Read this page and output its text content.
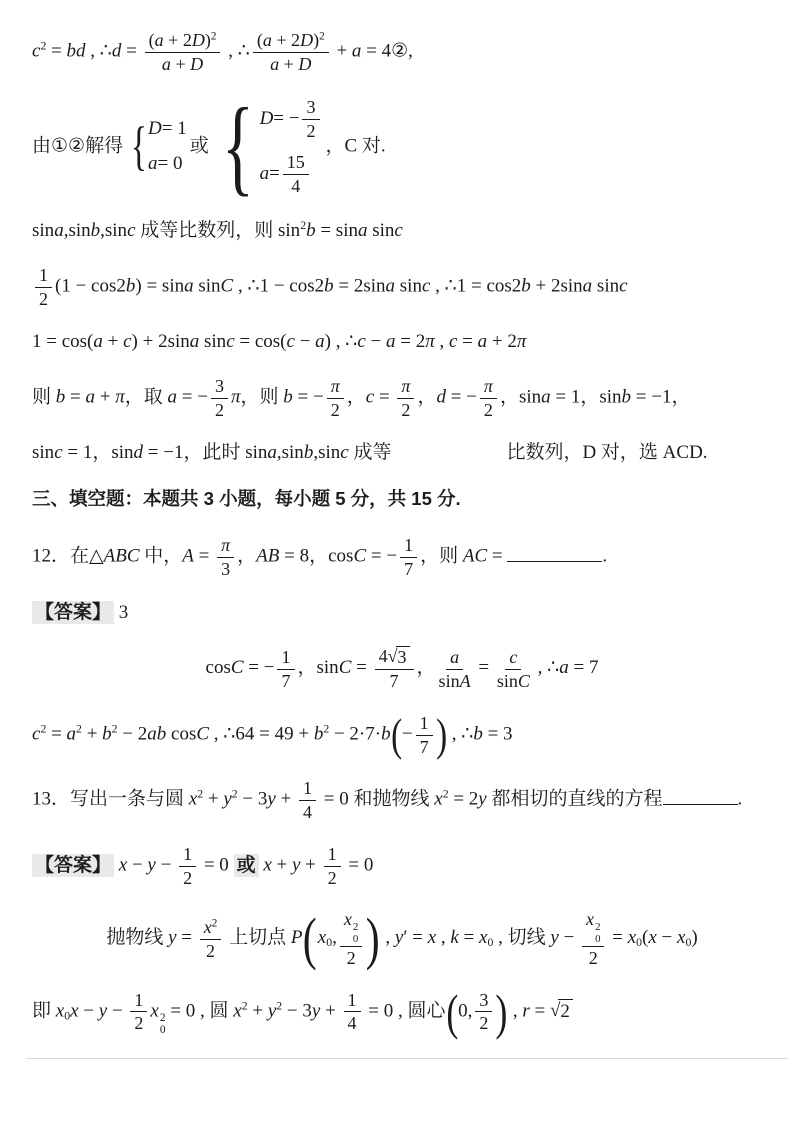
$c^2$ = bd , ∴d = $\frac{(a + 2D)^2}{a + D}$ , ∴ $\frac{(a + 2D)^2}{a + D} + a$ = 4②,
由①②解得 { D = 1
a = 0
或 { D = − $\frac{3}{2}$
$a = \frac{15}{4}$
，C 对.
sina,sinb,sinc 成等比数列，则 $\sin^2b = \sin a$ sinc
$\frac{1}{2} (1 - \cos 2b) = \sin a$ sinC , ∴1 − cos2b = 2sina sinc , ∴1 = cos2b + 2sina sinc
1 = cos(a + c) + 2sina sinc = cos(c − a) , ∴c − a = 2π , c = a + 2π
则 b = a + π，取 a = − $\frac{3}{2}$ π，则 b = − $\frac{\pi}{2}$ ，$c = \frac{\pi}{2}$ ，d = − $\frac{\pi}{2}$ ，sina = 1，sinb = −1，
sinc = 1，sind = −1，此时 sina,sinb,sinc 成等	比数列，D 对，选 ACD.
三、填空题：本题共 3 小题，每小题 5 分，共 15 分.
12．在△ABC 中，$A = \frac{\pi}{3}$ ，AB = 8，cosC = − $\frac{1}{7}$ ，则 AC =	.
【答案】 3
cosC = − $\frac{1}{7}$ ，$\sin C = \frac{4 √ 3}{7}$ ， $\frac{a}{\sin A} = \frac{c}{\sin C}$ , ∴a = 7
$c^2 = a^2 + b^2 - 2ab$ cosC , ∴64 = $49 + b^2 - 2\cdot 7\cdot b(- \frac{1}{7}$ ) , ∴b = 3
13．写出一条与圆 $x^2 + y^2 - 3y + \frac{1}{4} = 0$ 和抛物线 $x^2 = 2y$ 都相切的直线的方程	.
【答案】 $x - y - \frac{1}{2} = 0$ 或 $x + y + \frac{1}{2} = 0$
抛物线 $y = \frac{x^2}{2}$ 上切点 $P(x_0$, x 2
0
2 ) , y′ = x , $k = x_0$ , 切线 y − x 2
0
$2 = x_0(x - x_0)$
即 $x_0x - y - \frac{1}{2}$ x 2
0
= 0 , 圆 $x^2 + y^2 - 3y + \frac{1}{4} = 0$ , 圆心(0, $\frac{3}{2}$ ) , r = √ 2
